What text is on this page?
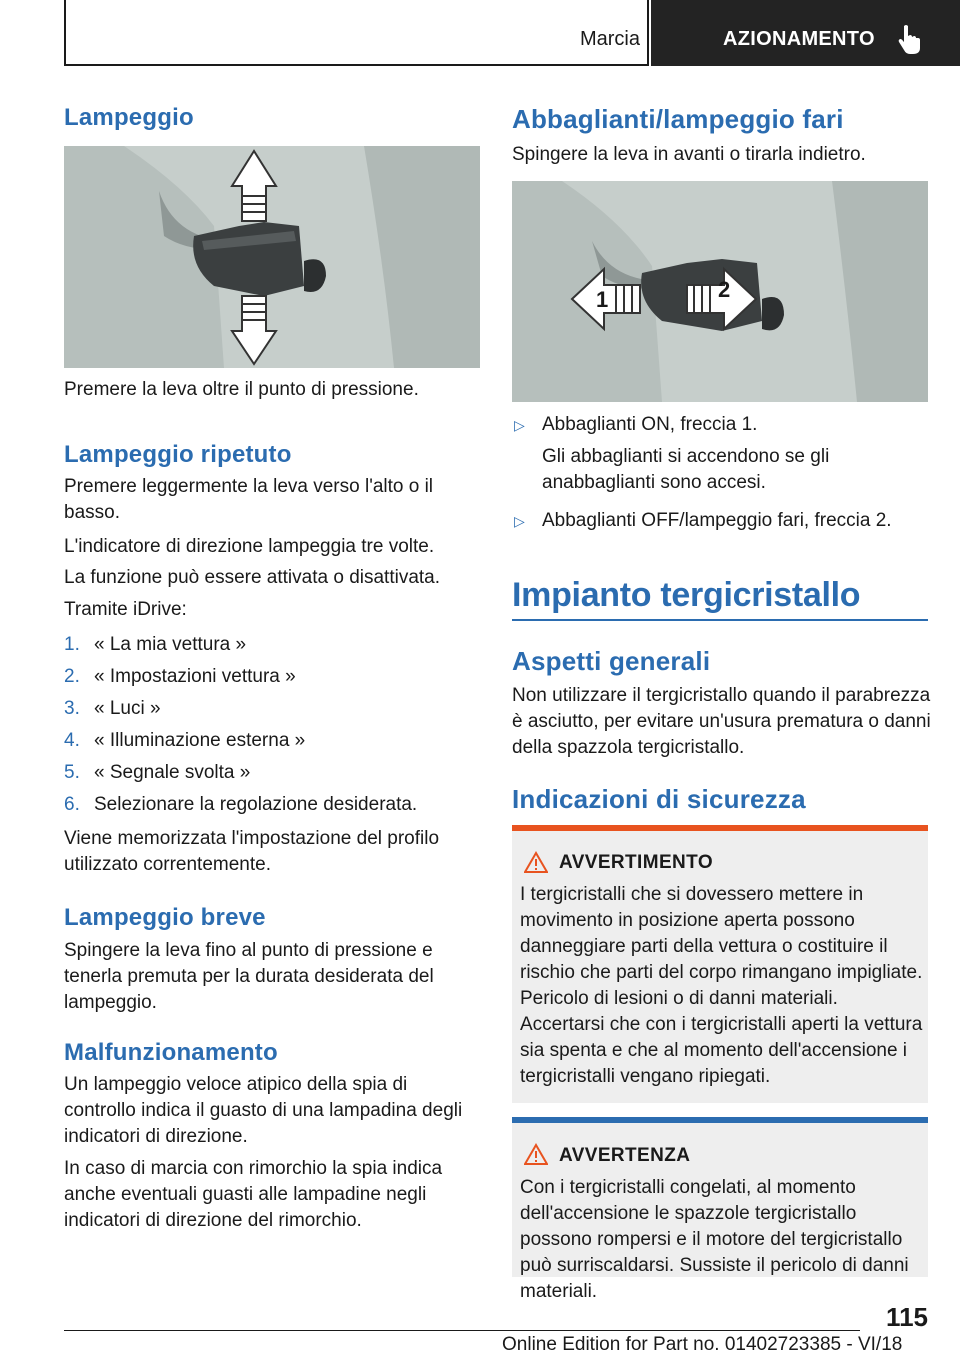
Marcia	AZIONAMENTO
Lampeggio

Premere la leva oltre il punto di pressione.

Lampeggio ripetuto

Premere leggermente la leva verso l'alto o il basso.

L'indicatore di direzione lampeggia tre volte.

La funzione può essere attivata o disattivata.

Tramite iDrive:

1. « La mia vettura »
2. « Impostazioni vettura »
3. « Luci »
4. « Illuminazione esterna »
5. « Segnale svolta »
6. Selezionare la regolazione desiderata.

Viene memorizzata l'impostazione del profilo utilizzato correntemente.

Lampeggio breve

Spingere la leva fino al punto di pressione e tenerla premuta per la durata desiderata del lampeggio.

Malfunzionamento

Un lampeggio veloce atipico della spia di controllo indica il guasto di una lampadina degli indicatori di direzione.

In caso di marcia con rimorchio la spia indica anche eventuali guasti alle lampadine negli indicatori di direzione del rimorchio.

Abbaglianti/lampeggio fari

Spingere la leva in avanti o tirarla indietro.

1	2
▷ Abbaglianti ON, freccia 1.
Gli abbaglianti si accendono se gli anabbaglianti sono accesi.
▷ Abbaglianti OFF/lampeggio fari, freccia 2.
Impianto tergicristallo
Aspetti generali

Non utilizzare il tergicristallo quando il parabrezza è asciutto, per evitare un'usura prematura o danni della spazzola tergicristallo.

Indicazioni di sicurezza
AVVERTIMENTO
I tergicristalli che si dovessero mettere in movimento in posizione aperta possono danneggiare parti della vettura o costituire il rischio che parti del corpo rimangano impigliate. Pericolo di lesioni o di danni materiali. Accertarsi che con i tergicristalli aperti la vettura sia spenta e che al momento dell'accensione i tergicristalli vengano ripiegati.
AVVERTENZA
Con i tergicristalli congelati, al momento dell'accensione le spazzole tergicristallo possono rompersi e il motore del tergicristallo può surriscaldarsi. Sussiste il pericolo di danni materiali.
115
Online Edition for Part no. 01402723385 - VI/18
